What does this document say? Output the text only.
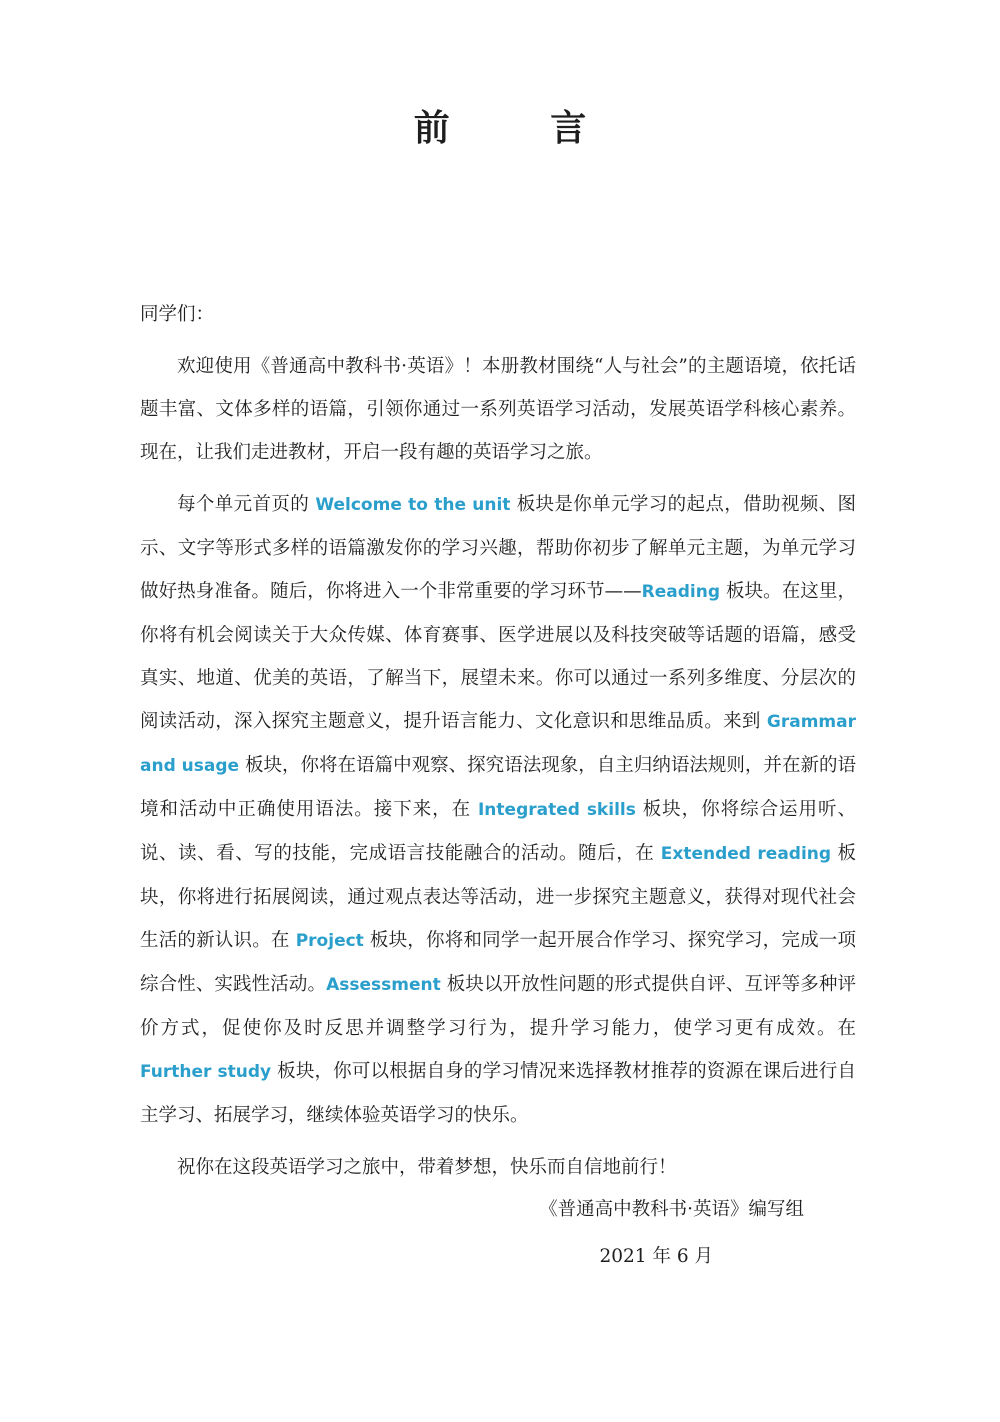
前 言

同学们：

欢迎使用《普通高中教科书·英语》！本册教材围绕“人与社会”的主题语境，依托话题丰富、文体多样的语篇，引领你通过一系列英语学习活动，发展英语学科核心素养。现在，让我们走进教材，开启一段有趣的英语学习之旅。

每个单元首页的 Welcome to the unit 板块是你单元学习的起点，借助视频、图示、文字等形式多样的语篇激发你的学习兴趣，帮助你初步了解单元主题，为单元学习做好热身准备。随后，你将进入一个非常重要的学习环节——Reading 板块。在这里，你将有机会阅读关于大众传媒、体育赛事、医学进展以及科技突破等话题的语篇，感受真实、地道、优美的英语，了解当下，展望未来。你可以通过一系列多维度、分层次的阅读活动，深入探究主题意义，提升语言能力、文化意识和思维品质。来到 Grammar and usage 板块，你将在语篇中观察、探究语法现象，自主归纳语法规则，并在新的语境和活动中正确使用语法。接下来，在 Integrated skills 板块，你将综合运用听、说、读、看、写的技能，完成语言技能融合的活动。随后，在 Extended reading 板块，你将进行拓展阅读，通过观点表达等活动，进一步探究主题意义，获得对现代社会生活的新认识。在 Project 板块，你将和同学一起开展合作学习、探究学习，完成一项综合性、实践性活动。Assessment 板块以开放性问题的形式提供自评、互评等多种评价方式，促使你及时反思并调整学习行为，提升学习能力，使学习更有成效。在 Further study 板块，你可以根据自身的学习情况来选择教材推荐的资源在课后进行自主学习、拓展学习，继续体验英语学习的快乐。

祝你在这段英语学习之旅中，带着梦想，快乐而自信地前行！

《普通高中教科书·英语》编写组
2021 年 6 月
